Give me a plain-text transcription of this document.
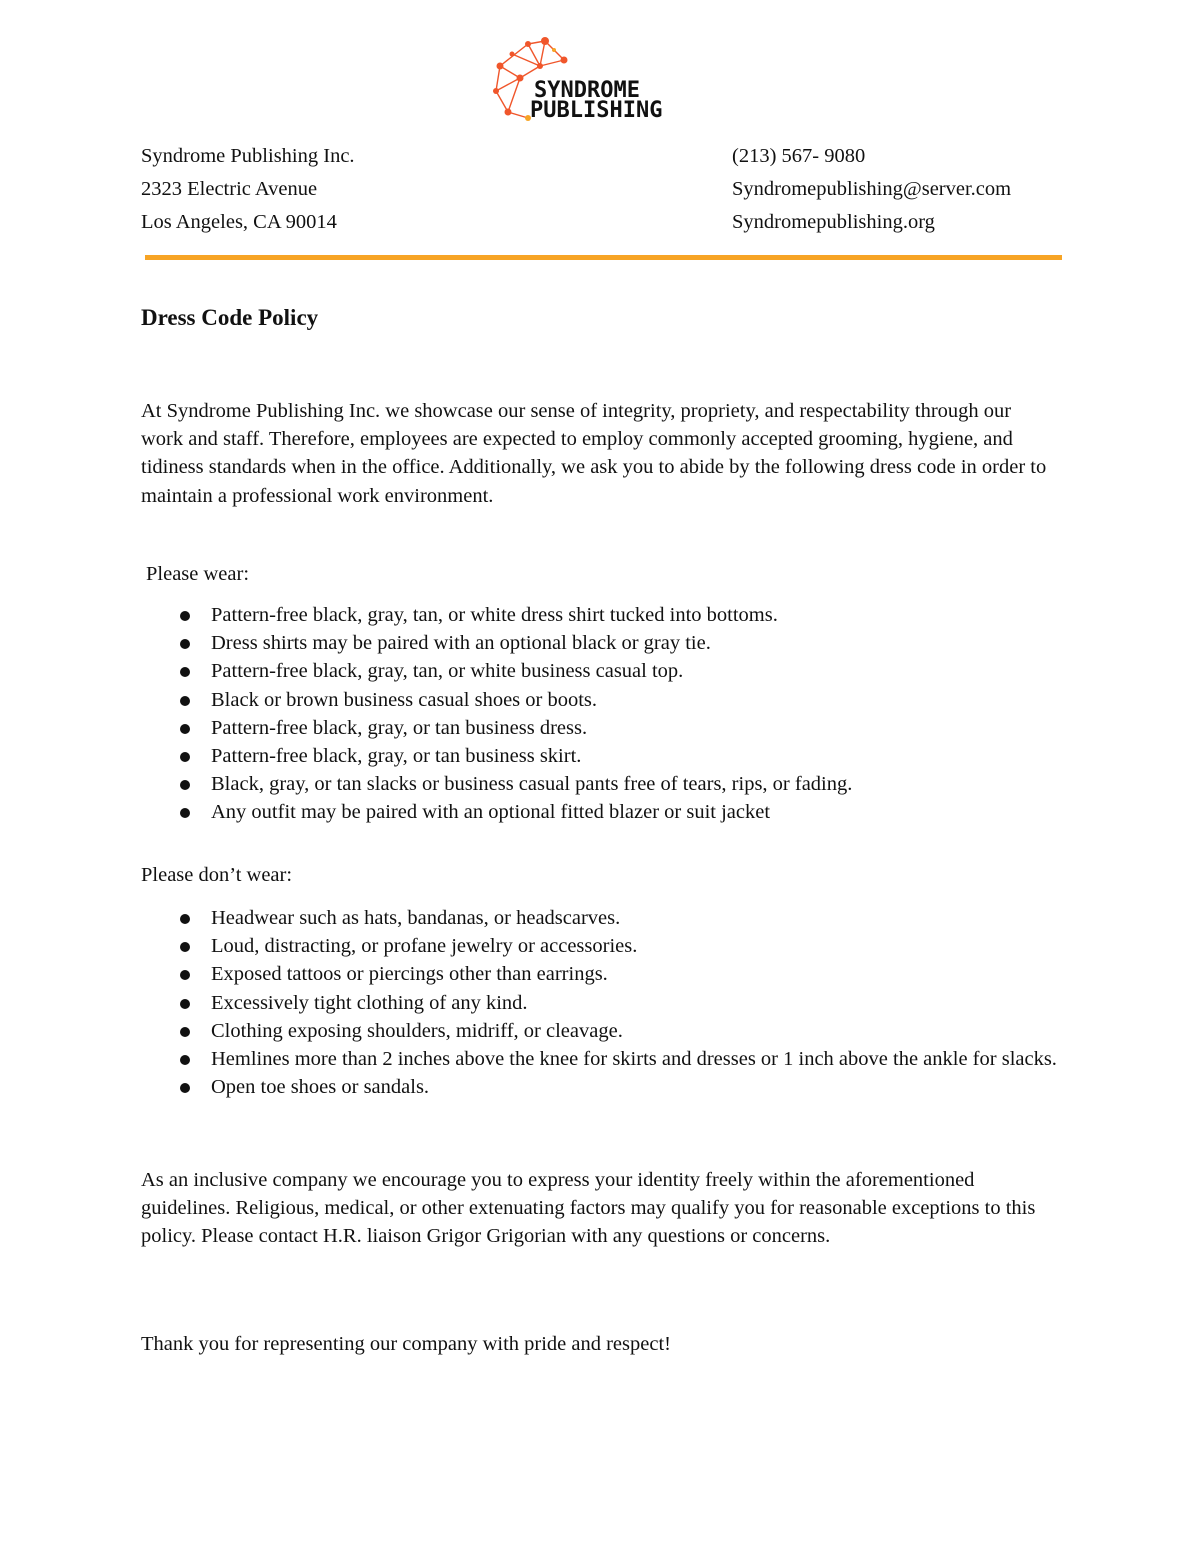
SYNDROME
PUBLISHING
Syndrome Publishing Inc.
2323 Electric Avenue
Los Angeles, CA 90014
(213) 567- 9080
Syndromepublishing@server.com
Syndromepublishing.org
Dress Code Policy
At Syndrome Publishing Inc. we showcase our sense of integrity, propriety, and respectability through our work and staff. Therefore, employees are expected to employ commonly accepted grooming, hygiene, and tidiness standards when in the office. Additionally, we ask you to abide by the following dress code in order to maintain a professional work environment.
Please wear:
Pattern-free black, gray, tan, or white dress shirt tucked into bottoms.
Dress shirts may be paired with an optional black or gray tie.
Pattern-free black, gray, tan, or white business casual top.
Black or brown business casual shoes or boots.
Pattern-free black, gray, or tan business dress.
Pattern-free black, gray, or tan business skirt.
Black, gray, or tan slacks or business casual pants free of tears, rips, or fading.
Any outfit may be paired with an optional fitted blazer or suit jacket
Please don’t wear:
Headwear such as hats, bandanas, or headscarves.
Loud, distracting, or profane jewelry or accessories.
Exposed tattoos or piercings other than earrings.
Excessively tight clothing of any kind.
Clothing exposing shoulders, midriff, or cleavage.
Hemlines more than 2 inches above the knee for skirts and dresses or 1 inch above the ankle for slacks.
Open toe shoes or sandals.
As an inclusive company we encourage you to express your identity freely within the aforementioned guidelines. Religious, medical, or other extenuating factors may qualify you for reasonable exceptions to this policy. Please contact H.R. liaison Grigor Grigorian with any questions or concerns.
Thank you for representing our company with pride and respect!
